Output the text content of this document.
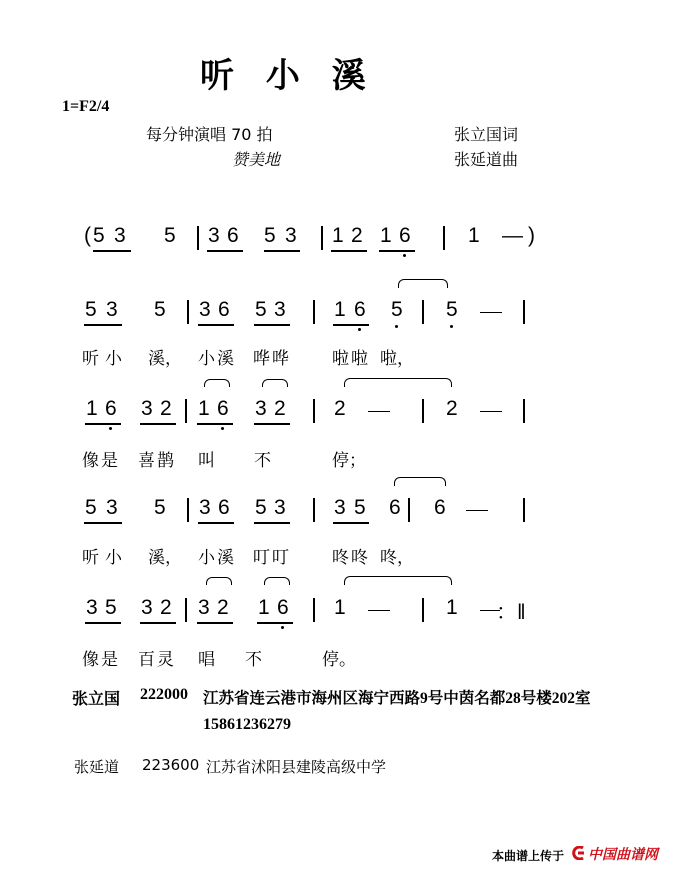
听 小 溪
1=F2/4
每分钟演唱 70 拍
赞美地
张立国词
张延道曲
( 5 3 5 3 6 5 3 1 2 1 6	1 — )
5 3 5 3 6 5 3 1 6 5 5
听小 溪， 小溪 哗哗 啦啦 啦，
1 6 3 2 1 6 3 2 2	2
像是 喜鹊 叫 不	停；
5 3 5 3 6 5 3 3 5 6 6
听小 溪， 小溪 叮叮 咚咚 咚，
3 5 3 2 3 2 1 6 1	1 ：‖
像是 百灵 唱 不	停。
张立国 222000 江苏省连云港市海州区海宁西路9号中茵名都28号楼202室
15861236279
张延道 223600 江苏省沭阳县建陵高级中学
本曲谱上传于 中国曲谱网
